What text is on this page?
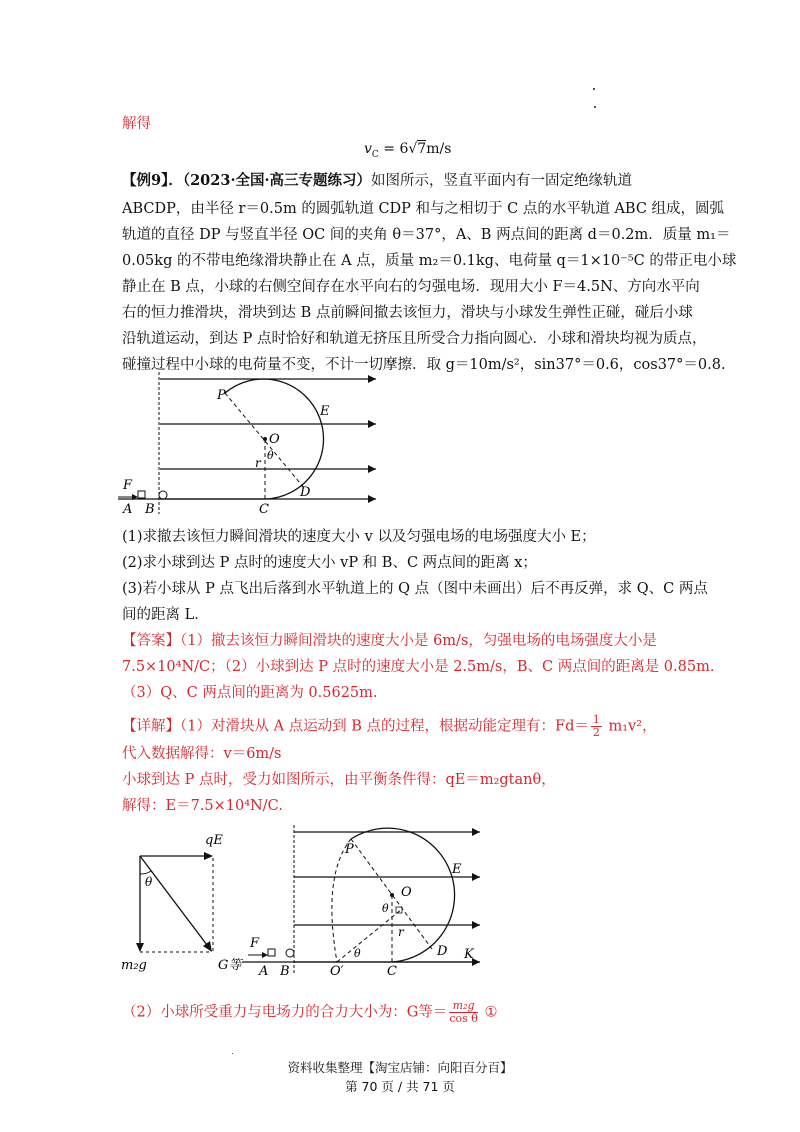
解得
$v_C = 6√7m/s$
【例9】．（2023·全国·高三专题练习）如图所示，竖直平面内有一固定绝缘轨道
ABCDP，由半径 r＝0.5m 的圆弧轨道 CDP 和与之相切于 C 点的水平轨道 ABC 组成，圆弧
轨道的直径 DP 与竖直半径 OC 间的夹角 θ＝37°，A、B 两点间的距离 d＝0.2m．质量 m₁＝
0.05kg 的不带电绝缘滑块静止在 A 点，质量 m₂＝0.1kg、电荷量 q＝1×10⁻⁵C 的带正电小球
静止在 B 点，小球的右侧空间存在水平向右的匀强电场．现用大小 F＝4.5N、方向水平向
右的恒力推滑块，滑块到达 B 点前瞬间撤去该恒力，滑块与小球发生弹性正碰，碰后小球
沿轨道运动，到达 P 点时恰好和轨道无挤压且所受合力指向圆心．小球和滑块均视为质点，
碰撞过程中小球的电荷量不变，不计一切摩擦．取 g＝10m/s²，sin37°＝0.6，cos37°＝0.8.
P
E
O
r
θ
D
F
A B	C
(1)求撤去该恒力瞬间滑块的速度大小 v 以及匀强电场的电场强度大小 E；
(2)求小球到达 P 点时的速度大小 vP 和 B、C 两点间的距离 x；
(3)若小球从 P 点飞出后落到水平轨道上的 Q 点（图中未画出）后不再反弹，求 Q、C 两点
间的距离 L．
【答案】（1）撤去该恒力瞬间滑块的速度大小是 6m/s，匀强电场的电场强度大小是
7.5×10⁴N/C；（2）小球到达 P 点时的速度大小是 2.5m/s，B、C 两点间的距离是 0.85m.
（3）Q、C 两点间的距离为 0.5625m.
【详解】（1）对滑块从 A 点运动到 B 点的过程，根据动能定理有：$Fd= \frac{1}{2} m_1v^2$，
代入数据解得：v＝6m/s
小球到达 P 点时，受力如图所示，由平衡条件得：qE＝m₂gtanθ，
解得：E＝7.5×10⁴N/C.
qE
θ
m₂g	G等
P
E
O
θ
r
D
F
A B	O′
θ
C
K
（2）小球所受重力与电场力的合力大小为：G等＝ $\frac{\text{m₂g}}{\text{cos θ}}$ ①
资料收集整理【淘宝店铺：向阳百分百】
第 70 页 / 共 71 页
